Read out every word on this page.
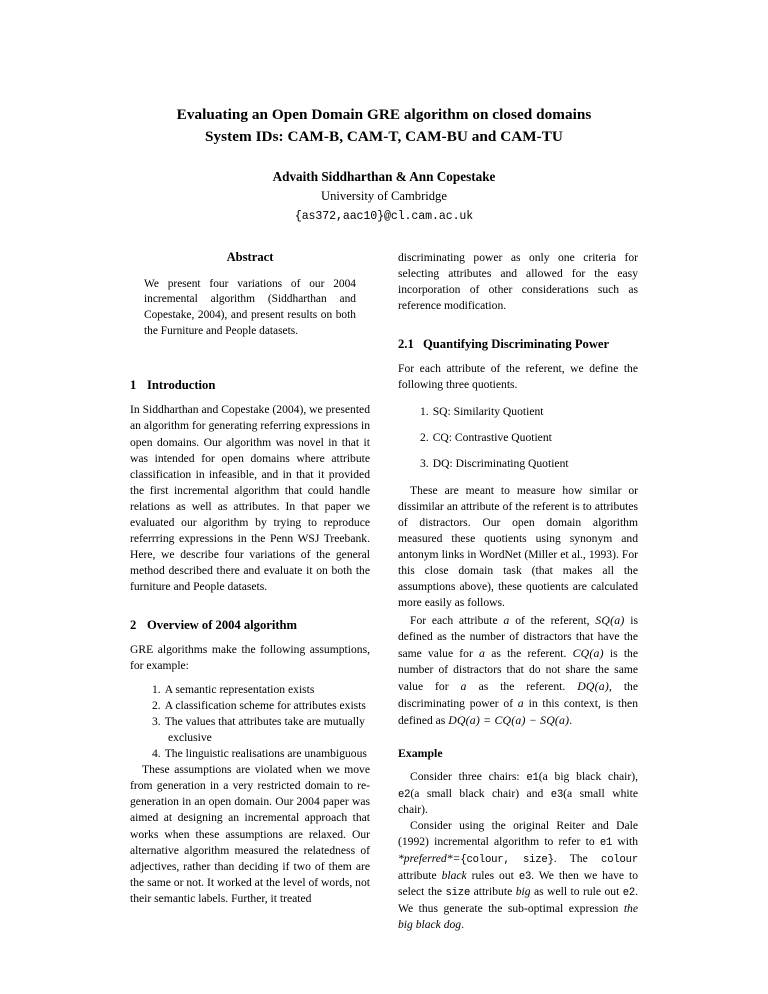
Evaluating an Open Domain GRE algorithm on closed domains
System IDs: CAM-B, CAM-T, CAM-BU and CAM-TU
Advaith Siddharthan & Ann Copestake
University of Cambridge
{as372,aac10}@cl.cam.ac.uk
Abstract
We present four variations of our 2004 incremental algorithm (Siddharthan and Copestake, 2004), and present results on both the Furniture and People datasets.
1 Introduction

In Siddharthan and Copestake (2004), we presented an algorithm for generating referring expressions in open domains. Our algorithm was novel in that it was intended for open domains where attribute classification in infeasible, and in that it provided the first incremental algorithm that could handle relations as well as attributes. In that paper we evaluated our algorithm by trying to reproduce referrring expressions in the Penn WSJ Treebank. Here, we describe four variations of the general method described there and evaluate it on both the furniture and People datasets.

2 Overview of 2004 algorithm

GRE algorithms make the following assumptions, for example:

1. A semantic representation exists
2. A classification scheme for attributes exists
3. The values that attributes take are mutually exclusive
4. The linguistic realisations are unambiguous

These assumptions are violated when we move from generation in a very restricted domain to re-generation in an open domain. Our 2004 paper was aimed at designing an incremental approach that works when these assumptions are relaxed. Our alternative algorithm measured the relatedness of adjectives, rather than deciding if two of them are the same or not. It worked at the level of words, not their semantic labels. Further, it treated

discriminating power as only one criteria for selecting attributes and allowed for the easy incorporation of other considerations such as reference modification.

2.1 Quantifying Discriminating Power

For each attribute of the referent, we define the following three quotients.

1. SQ: Similarity Quotient
2. CQ: Contrastive Quotient
3. DQ: Discriminating Quotient

These are meant to measure how similar or dissimilar an attribute of the referent is to attributes of distractors. Our open domain algorithm measured these quotients using synonym and antonym links in WordNet (Miller et al., 1993). For this close domain task (that makes all the assumptions above), these quotients are calculated more easily as follows.

For each attribute a of the referent, SQ(a) is defined as the number of distractors that have the same value for a as the referent. CQ(a) is the number of distractors that do not share the same value for a as the referent. DQ(a), the discriminating power of a in this context, is then defined as DQ(a) = CQ(a) − SQ(a).

Example

Consider three chairs: e1(a big black chair), e2(a small black chair) and e3(a small white chair).

Consider using the original Reiter and Dale (1992) incremental algorithm to refer to e1 with *preferred*={colour, size}. The colour attribute black rules out e3. We then we have to select the size attribute big as well to rule out e2. We thus generate the sub-optimal expression the big black dog.
